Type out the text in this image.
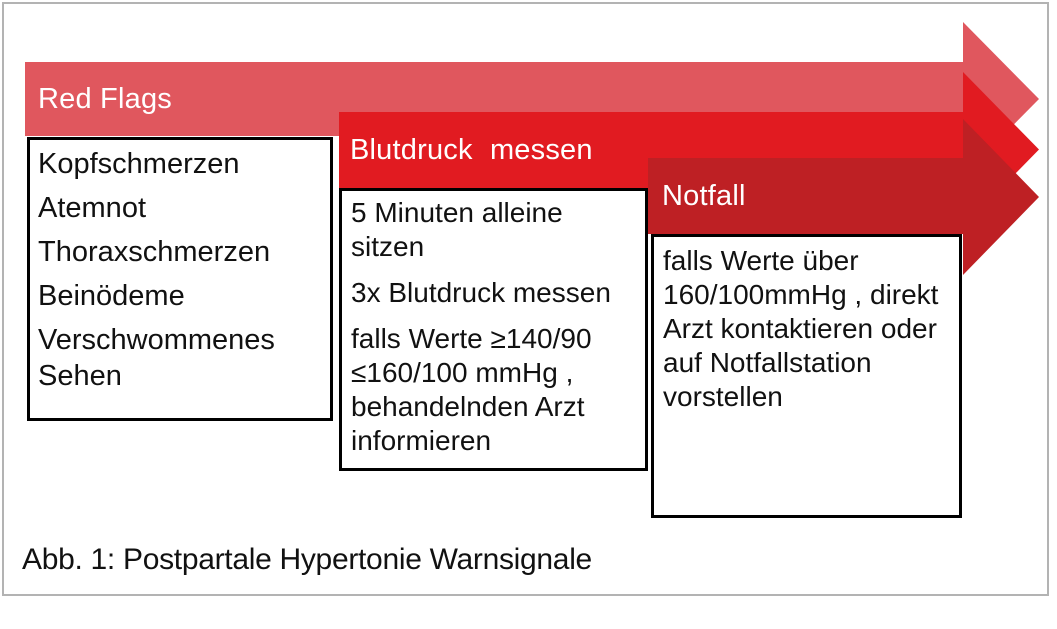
Red Flags
Blutdruck messen
Notfall
Kopfschmerzen
Atemnot
Thoraxschmerzen
Beinödeme
Verschwommenes Sehen

5 Minuten alleine sitzen

3x Blutdruck messen

falls Werte ≥140/90 ≤160/100 mmHg , behandelnden Arzt informieren

falls Werte über 160/100mmHg , direkt Arzt kontaktieren oder auf Notfallstation vorstellen

Abb. 1: Postpartale Hypertonie Warnsignale
